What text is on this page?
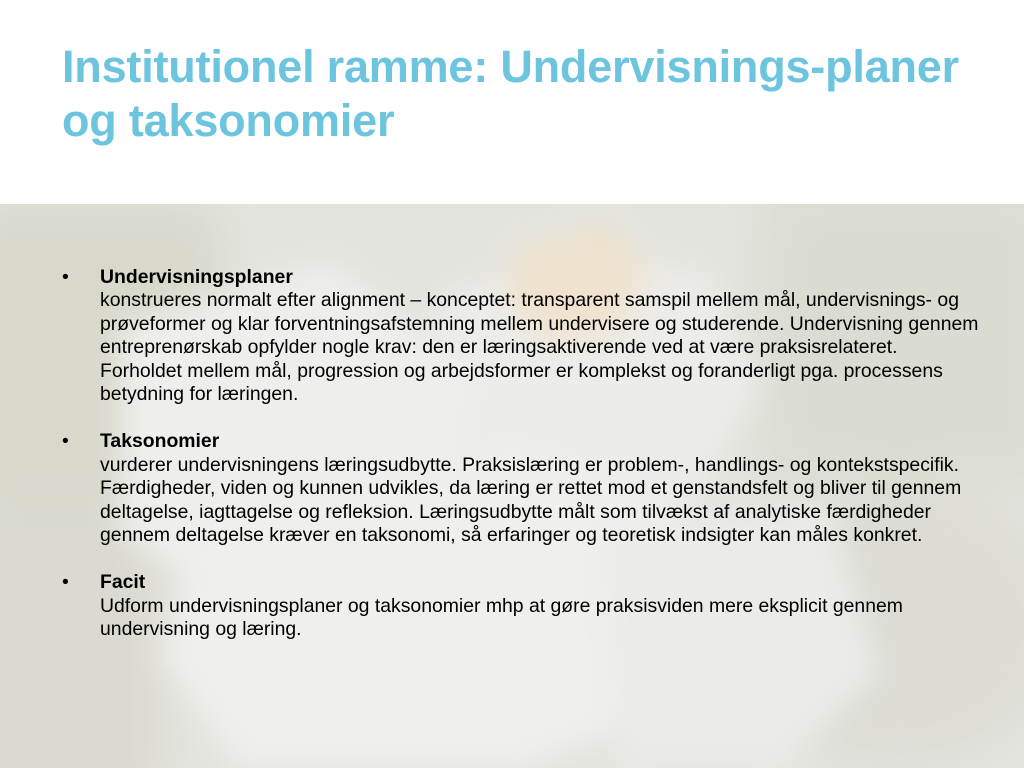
Institutionel ramme: Undervisnings-planer og taksonomier
•	Undervisningsplaner
konstrueres normalt efter alignment – konceptet: transparent samspil mellem mål, undervisnings- og prøveformer og klar forventningsafstemning mellem undervisere og studerende. Undervisning gennem entreprenørskab opfylder nogle krav: den er læringsaktiverende ved at være praksisrelateret. Forholdet mellem mål, progression og arbejdsformer er komplekst og foranderligt pga. processens betydning for læringen.
•	Taksonomier
vurderer undervisningens læringsudbytte. Praksislæring er problem-, handlings- og kontekstspecifik. Færdigheder, viden og kunnen udvikles, da læring er rettet mod et genstandsfelt og bliver til gennem deltagelse, iagttagelse og refleksion. Læringsudbytte målt som tilvækst af analytiske færdigheder gennem deltagelse kræver en taksonomi, så erfaringer og teoretisk indsigter kan måles konkret.
•	Facit
Udform undervisningsplaner og taksonomier mhp at gøre praksisviden mere eksplicit gennem undervisning og læring.
